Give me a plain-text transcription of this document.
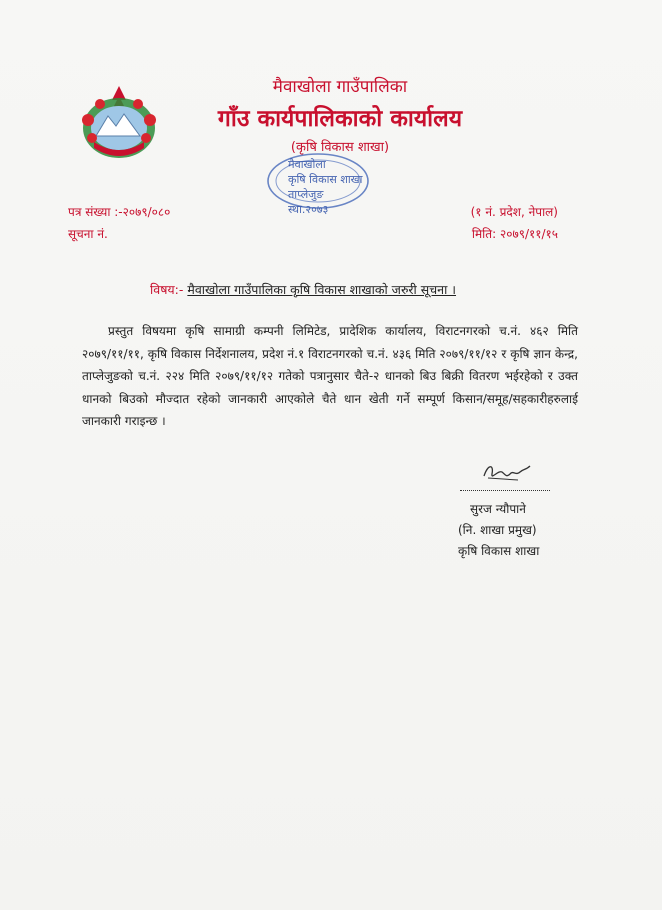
मैवाखोला गाउँपालिका
गाँउ कार्यपालिकाको कार्यालय
(कृषि विकास शाखा)
मैवाखोला
कृषि विकास शाखा
ताप्लेजुङ
स्था.२०७३
पत्र संख्या :-२०७९/०८०
सूचना नं.
(१ नं. प्रदेश, नेपाल)
मिति: २०७९/११/१५
विषय:- मैवाखोला गाउँपालिका कृषि विकास शाखाको जरुरी सूचना ।
प्रस्तुत विषयमा कृषि सामाग्री कम्पनी लिमिटेड, प्रादेशिक कार्यालय, विराटनगरको च.नं. ४६२ मिति २०७९/११/११, कृषि विकास निर्देशनालय, प्रदेश नं.१ विराटनगरको च.नं. ४३६ मिति २०७९/११/१२ र कृषि ज्ञान केन्द्र, ताप्लेजुङको च.नं. २२४ मिति २०७९/११/१२ गतेको पत्रानुसार चैते-२ धानको बिउ बिक्री वितरण भईरहेको र उक्त धानको बिउको मौज्दात रहेको जानकारी आएकोले चैते धान खेती गर्ने सम्पूर्ण किसान/समूह/सहकारीहरुलाई जानकारी गराइन्छ ।
सुरज न्यौपाने
(नि. शाखा प्रमुख)
कृषि विकास शाखा
